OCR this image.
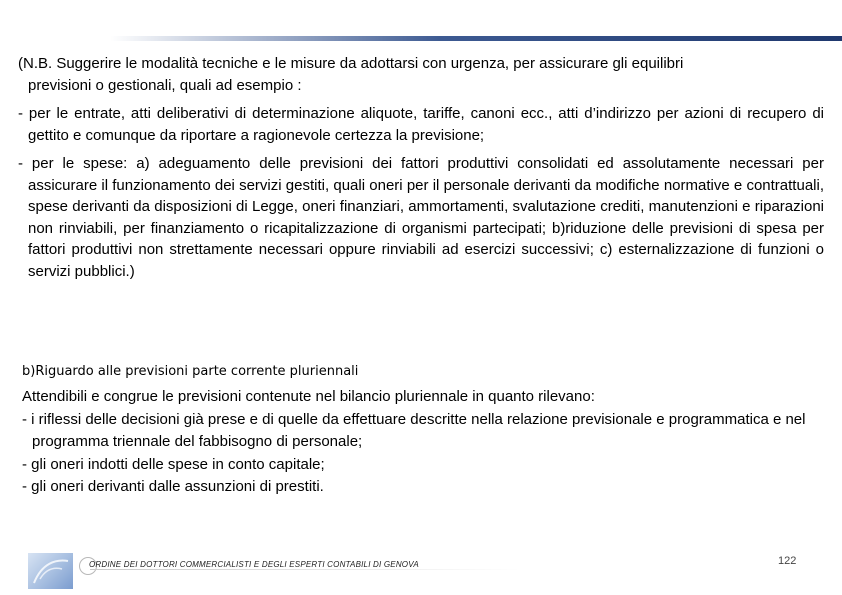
(N.B. Suggerire le modalità tecniche e le misure da adottarsi con urgenza, per assicurare gli equilibri

previsioni o gestionali, quali ad esempio :

- per le entrate, atti deliberativi di determinazione aliquote, tariffe, canoni ecc., atti d’indirizzo per azioni di recupero di gettito e comunque da riportare a ragionevole certezza la previsione;

- per le spese: a) adeguamento delle previsioni dei fattori produttivi consolidati ed assolutamente necessari per assicurare il funzionamento dei servizi gestiti, quali oneri per il personale derivanti da modifiche normative e contrattuali, spese derivanti da disposizioni di Legge, oneri finanziari, ammortamenti, svalutazione crediti, manutenzioni e riparazioni non rinviabili, per finanziamento o ricapitalizzazione di organismi partecipati; b)riduzione delle previsioni di spesa per fattori produttivi non strettamente necessari oppure rinviabili ad esercizi successivi; c) esternalizzazione di funzioni o servizi pubblici.)

b)Riguardo alle previsioni parte corrente pluriennali

Attendibili e congrue le previsioni contenute nel bilancio pluriennale in quanto rilevano:

- i riflessi delle decisioni già prese e di quelle da effettuare descritte nella relazione previsionale e programmatica e nel programma triennale del fabbisogno di personale;

- gli oneri indotti delle spese in conto capitale;

- gli oneri derivanti dalle assunzioni di prestiti.

ORDINE DEI DOTTORI COMMERCIALISTI E DEGLI ESPERTI CONTABILI DI GENOVA	122
